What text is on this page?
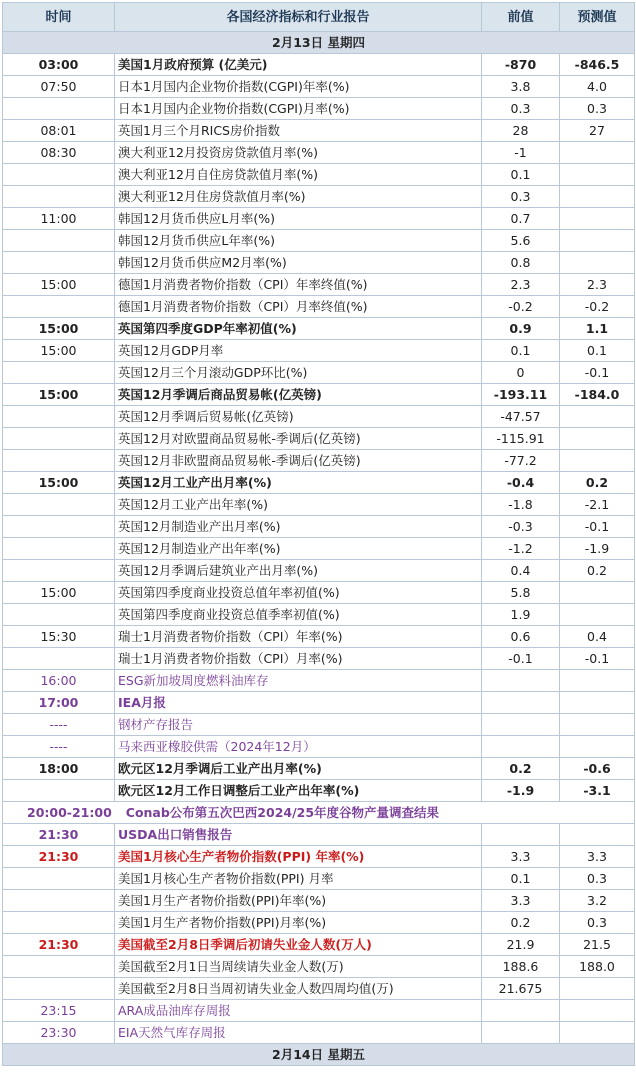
时间	各国经济指标和行业报告	前值	预测值
2月13日 星期四			
03:00	美国1月政府预算 (亿美元)	-870	-846.5
07:50	日本1月国内企业物价指数(CGPI)年率(%)	3.8	4.0
	日本1月国内企业物价指数(CGPI)月率(%)	0.3	0.3
08:01	英国1月三个月RICS房价指数	28	27
08:30	澳大利亚12月投资房贷款值月率(%)	-1	
	澳大利亚12月自住房贷款值月率(%)	0.1	
	澳大利亚12月住房贷款值月率(%)	0.3	
11:00	韩国12月货币供应L月率(%)	0.7	
	韩国12月货币供应L年率(%)	5.6	
	韩国12月货币供应M2月率(%)	0.8	
15:00	德国1月消费者物价指数（CPI）年率终值(%)	2.3	2.3
	德国1月消费者物价指数（CPI）月率终值(%)	-0.2	-0.2
15:00	英国第四季度GDP年率初值(%)	0.9	1.1
15:00	英国12月GDP月率	0.1	0.1
	英国12月三个月滚动GDP环比(%)	0	-0.1
15:00	英国12月季调后商品贸易帐(亿英镑)	-193.11	-184.0
	英国12月季调后贸易帐(亿英镑)	-47.57	
	英国12月对欧盟商品贸易帐-季调后(亿英镑)	-115.91	
	英国12月非欧盟商品贸易帐-季调后(亿英镑)	-77.2	
15:00	英国12月工业产出月率(%)	-0.4	0.2
	英国12月工业产出年率(%)	-1.8	-2.1
	英国12月制造业产出月率(%)	-0.3	-0.1
	英国12月制造业产出年率(%)	-1.2	-1.9
	英国12月季调后建筑业产出月率(%)	0.4	0.2
15:00	英国第四季度商业投资总值年率初值(%)	5.8	
	英国第四季度商业投资总值季率初值(%)	1.9	
15:30	瑞士1月消费者物价指数（CPI）年率(%)	0.6	0.4
	瑞士1月消费者物价指数（CPI）月率(%)	-0.1	-0.1
16:00	ESG新加坡周度燃料油库存		
17:00	IEA月报		
----	钢材产存报告		
----	马来西亚橡胶供需（2024年12月）		
18:00	欧元区12月季调后工业产出月率(%)	0.2	-0.6
	欧元区12月工作日调整后工业产出年率(%)	-1.9	-3.1
20:00-21:00 Conab公布第五次巴西2024/25年度谷物产量调查结果			
21:30	USDA出口销售报告		
21:30	美国1月核心生产者物价指数(PPI) 年率(%)	3.3	3.3
	美国1月核心生产者物价指数(PPI) 月率	0.1	0.3
	美国1月生产者物价指数(PPI)年率(%)	3.3	3.2
	美国1月生产者物价指数(PPI)月率(%)	0.2	0.3
21:30	美国截至2月8日季调后初请失业金人数(万人)	21.9	21.5
	美国截至2月1日当周续请失业金人数(万)	188.6	188.0
	美国截至2月8日当周初请失业金人数四周均值(万)	21.675	
23:15	ARA成品油库存周报		
23:30	EIA天然气库存周报		
2月14日 星期五			
